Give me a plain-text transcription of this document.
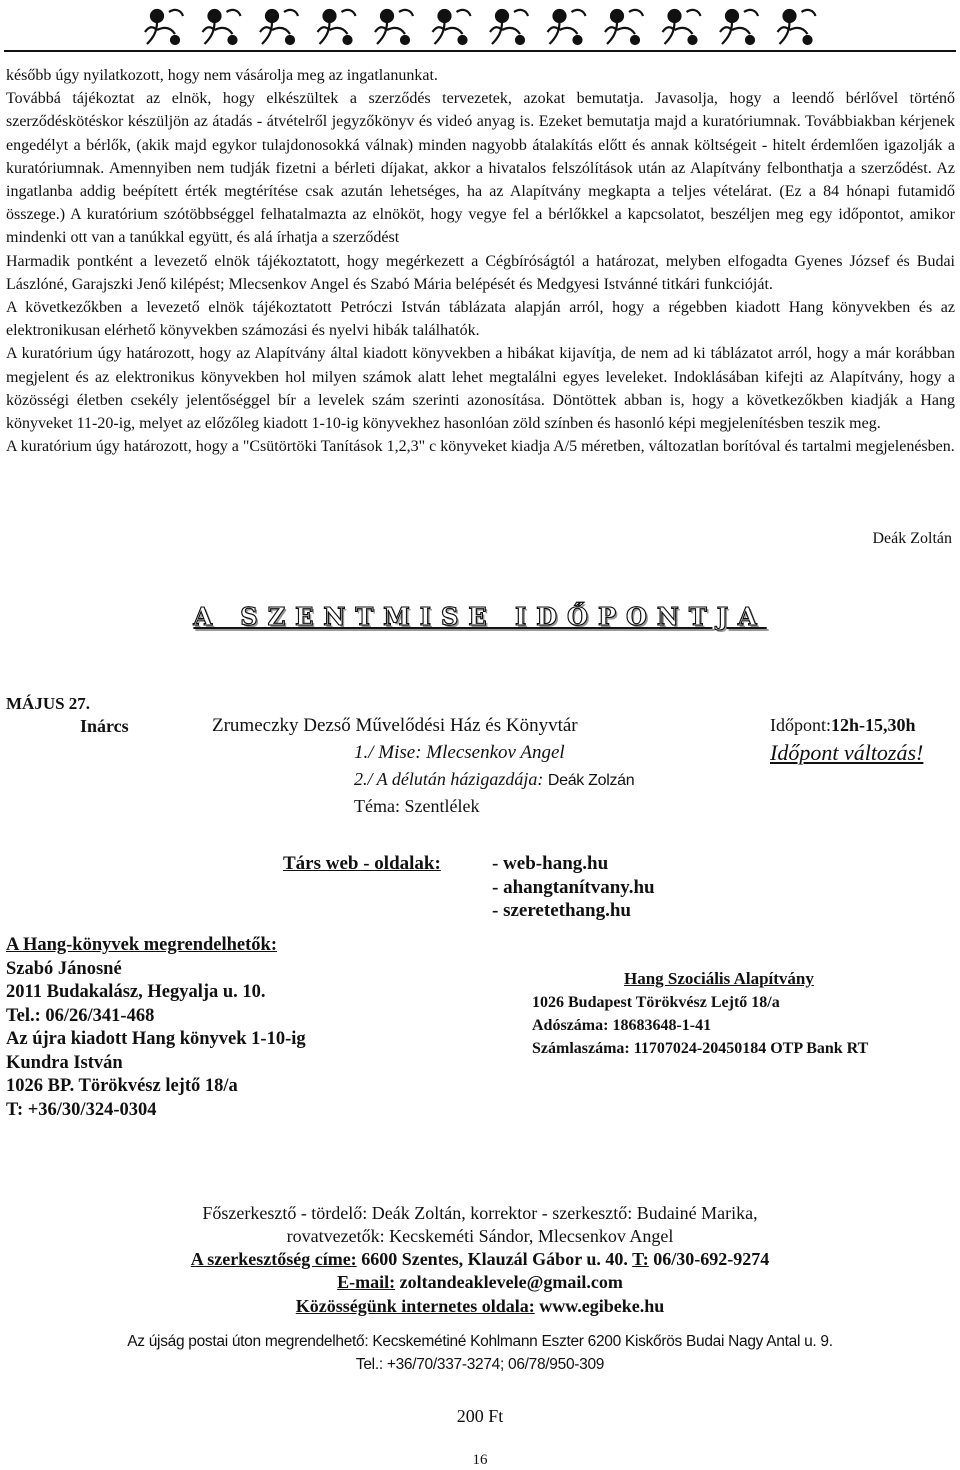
később úgy nyilatkozott, hogy nem vásárolja meg az ingatlanunkat.

Továbbá tájékoztat az elnök, hogy elkészültek a szerződés tervezetek, azokat bemutatja. Javasolja, hogy a leendő bérlővel történő szerződéskötéskor készüljön az átadás - átvételről jegyzőkönyv és videó anyag is. Ezeket bemutatja majd a kuratóriumnak. Továbbiakban kérjenek engedélyt a bérlők, (akik majd egykor tulajdonosokká válnak) minden nagyobb átalakítás előtt és annak költségeit - hitelt érdemlően igazolják a kuratóriumnak. Amennyiben nem tudják fizetni a bérleti díjakat, akkor a hivatalos felszólítások után az Alapítvány felbonthatja a szerződést. Az ingatlanba addig beépített érték megtérítése csak azután lehetséges, ha az Alapítvány megkapta a teljes vételárat. (Ez a 84 hónapi futamidő összege.) A kuratórium szótöbbséggel felhatalmazta az elnököt, hogy vegye fel a bérlőkkel a kapcsolatot, beszéljen meg egy időpontot, amikor mindenki ott van a tanúkkal együtt, és alá írhatja a szerződést

Harmadik pontként a levezető elnök tájékoztatott, hogy megérkezett a Cégbíróságtól a határozat, melyben elfogadta Gyenes József és Budai Lászlóné, Garajszki Jenő kilépést; Mlecsenkov Angel és Szabó Mária belépését és Medgyesi Istvánné titkári funkcióját.

A következőkben a levezető elnök tájékoztatott Petróczi István táblázata alapján arról, hogy a régebben kiadott Hang könyvekben és az elektronikusan elérhető könyvekben számozási és nyelvi hibák találhatók.

A kuratórium úgy határozott, hogy az Alapítvány által kiadott könyvekben a hibákat kijavítja, de nem ad ki táblázatot arról, hogy a már korábban megjelent és az elektronikus könyvekben hol milyen számok alatt lehet megtalálni egyes leveleket. Indoklásában kifejti az Alapítvány, hogy a közösségi életben csekély jelentőséggel bír a levelek szám szerinti azonosítása. Döntöttek abban is, hogy a következőkben kiadják a Hang könyveket 11-20-ig, melyet az előzőleg kiadott 1-10-ig könyvekhez hasonlóan zöld színben és hasonló képi megjelenítésben teszik meg.

A kuratórium úgy határozott, hogy a "Csütörtöki Tanítások 1,2,3" c könyveket kiadja A/5 méretben, változatlan borítóval és tartalmi megjelenésben.

Deák Zoltán
A SZENTMISE IDŐPONTJA
MÁJUS 27.
Inárcs	Zrumeczky Dezső Művelődési Ház és Könyvtár	Időpont:12h-15,30h
1./ Mise: Mlecsenkov Angel	Időpont változás!
2./ A délután házigazdája: Deák Zolzán
Téma: Szentlélek
Társ web - oldalak:	- web-hang.hu
- ahangtanítvany.hu
- szeretethang.hu
A Hang-könyvek megrendelhetők:
Szabó Jánosné
2011 Budakalász, Hegyalja u. 10.
Tel.: 06/26/341-468
Az újra kiadott Hang könyvek 1-10-ig
Kundra István
1026 BP. Törökvész lejtő 18/a
T: +36/30/324-0304
Hang Szociális Alapítvány
1026 Budapest Törökvész Lejtő 18/a
Adószáma: 18683648-1-41
Számlaszáma: 11707024-20450184 OTP Bank RT
Főszerkesztő - tördelő: Deák Zoltán, korrektor - szerkesztő: Budainé Marika,
rovatvezetők: Kecskeméti Sándor, Mlecsenkov Angel
A szerkesztőség címe: 6600 Szentes, Klauzál Gábor u. 40. T: 06/30-692-9274
E-mail: zoltandeaklevele@gmail.com
Közösségünk internetes oldala: www.egibeke.hu
Az újság postai úton megrendelhető: Kecskemétiné Kohlmann Eszter 6200 Kiskőrös Budai Nagy Antal u. 9.
Tel.: +36/70/337-3274; 06/78/950-309
200 Ft
16
